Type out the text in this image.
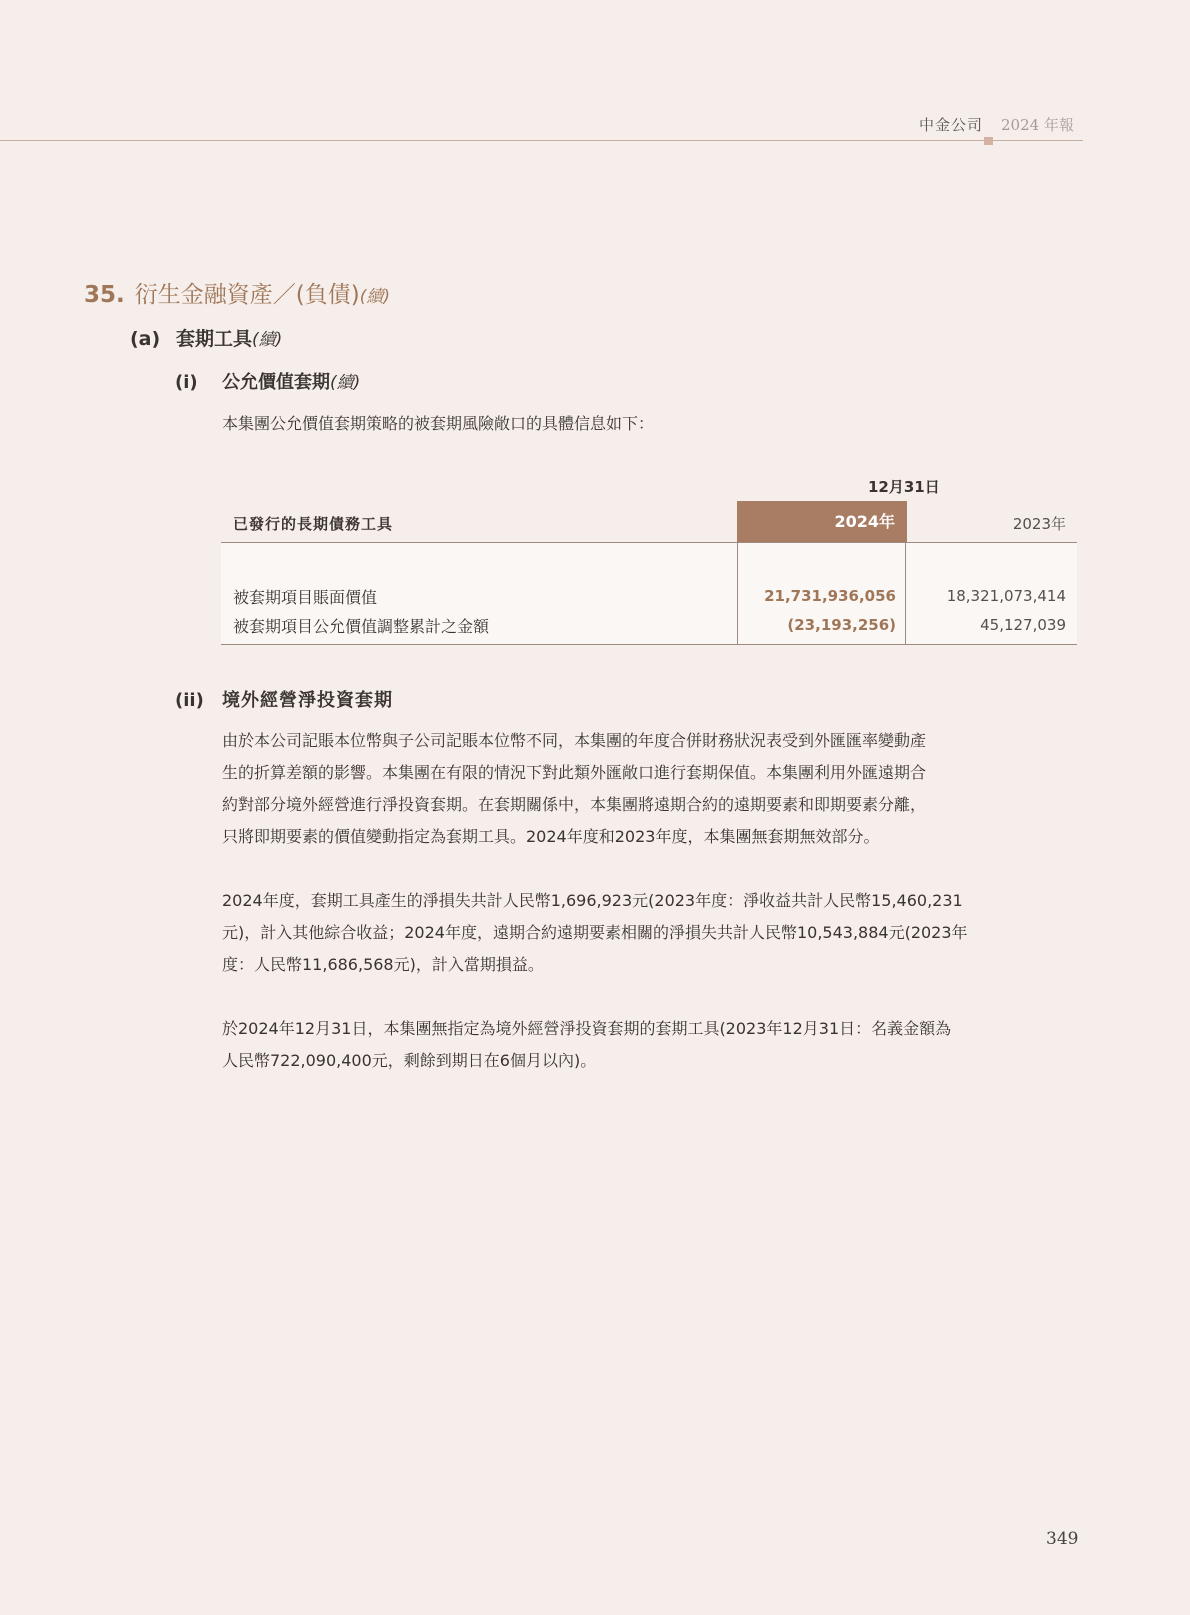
中金公司 2024 年報
35. 衍生金融資產／(負債)(續)
(a) 套期工具(續)
(i) 公允價值套期(續)
本集團公允價值套期策略的被套期風險敞口的具體信息如下：
12月31日
已發行的長期債務工具	2024年	2023年
被套期項目賬面價值	21,731,936,056	18,321,073,414
被套期項目公允價值調整累計之金額	(23,193,256)	45,127,039
(ii) 境外經營淨投資套期
由於本公司記賬本位幣與子公司記賬本位幣不同，本集團的年度合併財務狀況表受到外匯匯率變動產
生的折算差額的影響。本集團在有限的情況下對此類外匯敞口進行套期保值。本集團利用外匯遠期合
約對部分境外經營進行淨投資套期。在套期關係中，本集團將遠期合約的遠期要素和即期要素分離，
只將即期要素的價值變動指定為套期工具。2024年度和2023年度，本集團無套期無效部分。
2024年度，套期工具產生的淨損失共計人民幣1,696,923元(2023年度：淨收益共計人民幣15,460,231
元)，計入其他綜合收益；2024年度，遠期合約遠期要素相關的淨損失共計人民幣10,543,884元(2023年
度：人民幣11,686,568元)，計入當期損益。
於2024年12月31日，本集團無指定為境外經營淨投資套期的套期工具(2023年12月31日：名義金額為
人民幣722,090,400元，剩餘到期日在6個月以內)。
349
